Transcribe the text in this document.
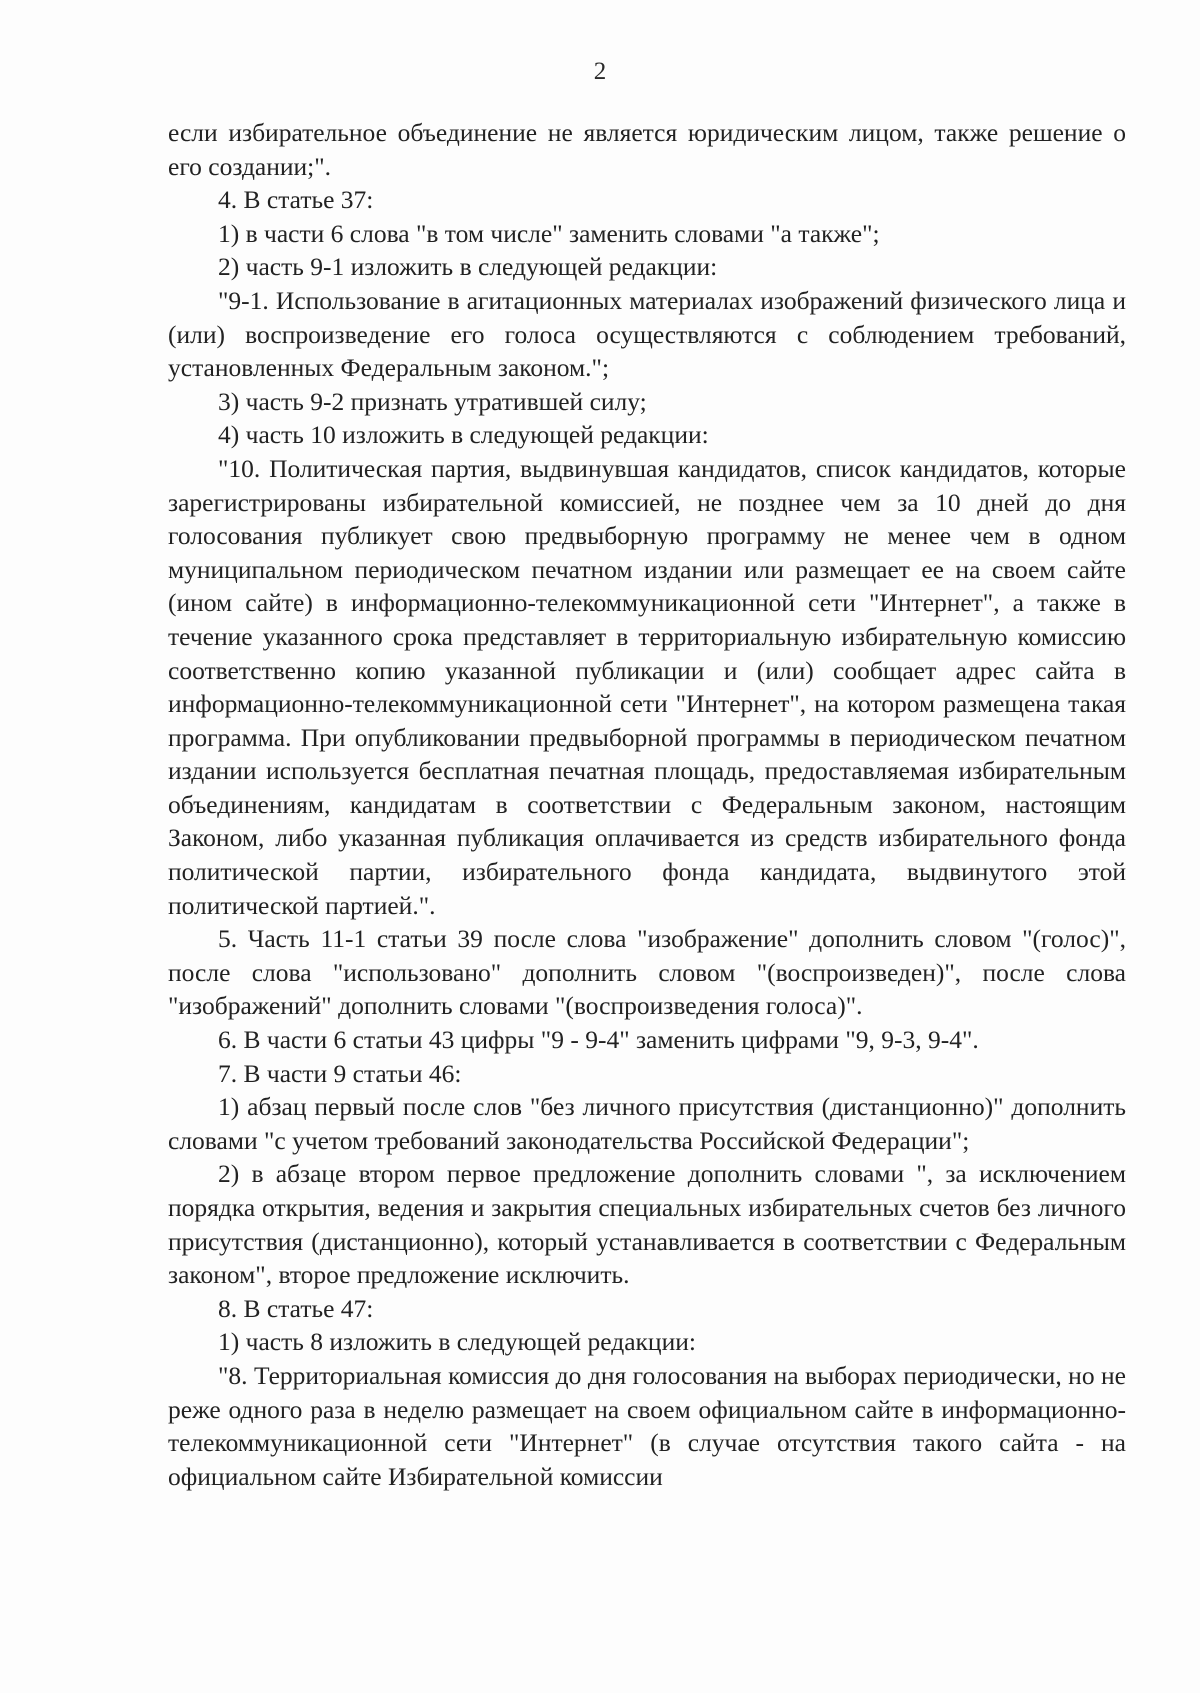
2

если избирательное объединение не является юридическим лицом, также решение о его создании;".

4. В статье 37:

1) в части 6 слова "в том числе" заменить словами "а также";

2) часть 9-1 изложить в следующей редакции:

"9-1. Использование в агитационных материалах изображений физического лица и (или) воспроизведение его голоса осуществляются с соблюдением требований, установленных Федеральным законом.";

3) часть 9-2 признать утратившей силу;

4) часть 10 изложить в следующей редакции:

"10. Политическая партия, выдвинувшая кандидатов, список кандидатов, которые зарегистрированы избирательной комиссией, не позднее чем за 10 дней до дня голосования публикует свою предвыборную программу не менее чем в одном муниципальном периодическом печатном издании или размещает ее на своем сайте (ином сайте) в информационно-телекоммуникационной сети "Интернет", а также в течение указанного срока представляет в территориальную избирательную комиссию соответственно копию указанной публикации и (или) сообщает адрес сайта в информационно-телекоммуникационной сети "Интернет", на котором размещена такая программа. При опубликовании предвыборной программы в периодическом печатном издании используется бесплатная печатная площадь, предоставляемая избирательным объединениям, кандидатам в соответствии с Федеральным законом, настоящим Законом, либо указанная публикация оплачивается из средств избирательного фонда политической партии, избирательного фонда кандидата, выдвинутого этой политической партией.".

5. Часть 11-1 статьи 39 после слова "изображение" дополнить словом "(голос)", после слова "использовано" дополнить словом "(воспроизведен)", после слова "изображений" дополнить словами "(воспроизведения голоса)".

6. В части 6 статьи 43 цифры "9 - 9-4" заменить цифрами "9, 9-3, 9-4".

7. В части 9 статьи 46:

1) абзац первый после слов "без личного присутствия (дистанционно)" дополнить словами "с учетом требований законодательства Российской Федерации";

2) в абзаце втором первое предложение дополнить словами ", за исключением порядка открытия, ведения и закрытия специальных избирательных счетов без личного присутствия (дистанционно), который устанавливается в соответствии с Федеральным законом", второе предложение исключить.

8. В статье 47:

1) часть 8 изложить в следующей редакции:

"8. Территориальная комиссия до дня голосования на выборах периодически, но не реже одного раза в неделю размещает на своем официальном сайте в информационно-телекоммуникационной сети "Интернет" (в случае отсутствия такого сайта - на официальном сайте Избирательной комиссии
